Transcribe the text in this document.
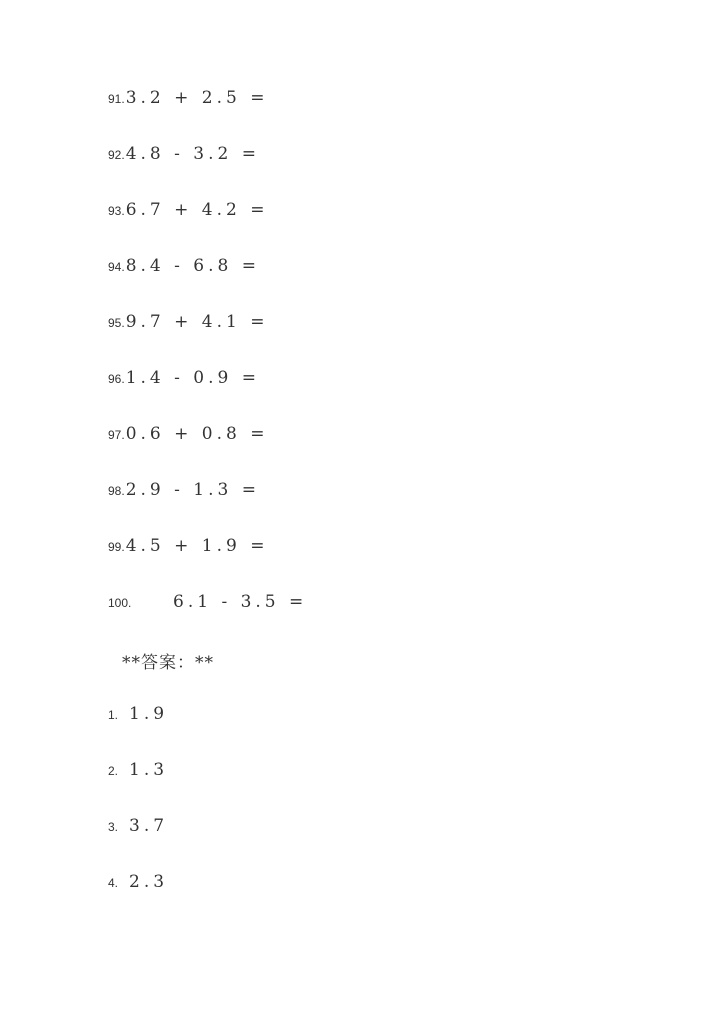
91. 3.2 + 2.5 =
92. 4.8 - 3.2 =
93. 6.7 + 4.2 =
94. 8.4 - 6.8 =
95. 9.7 + 4.1 =
96. 1.4 - 0.9 =
97. 0.6 + 0.8 =
98. 2.9 - 1.3 =
99. 4.5 + 1.9 =
100.	6.1 - 3.5 =
**答案：**
1. 1.9
2. 1.3
3. 3.7
4. 2.3
